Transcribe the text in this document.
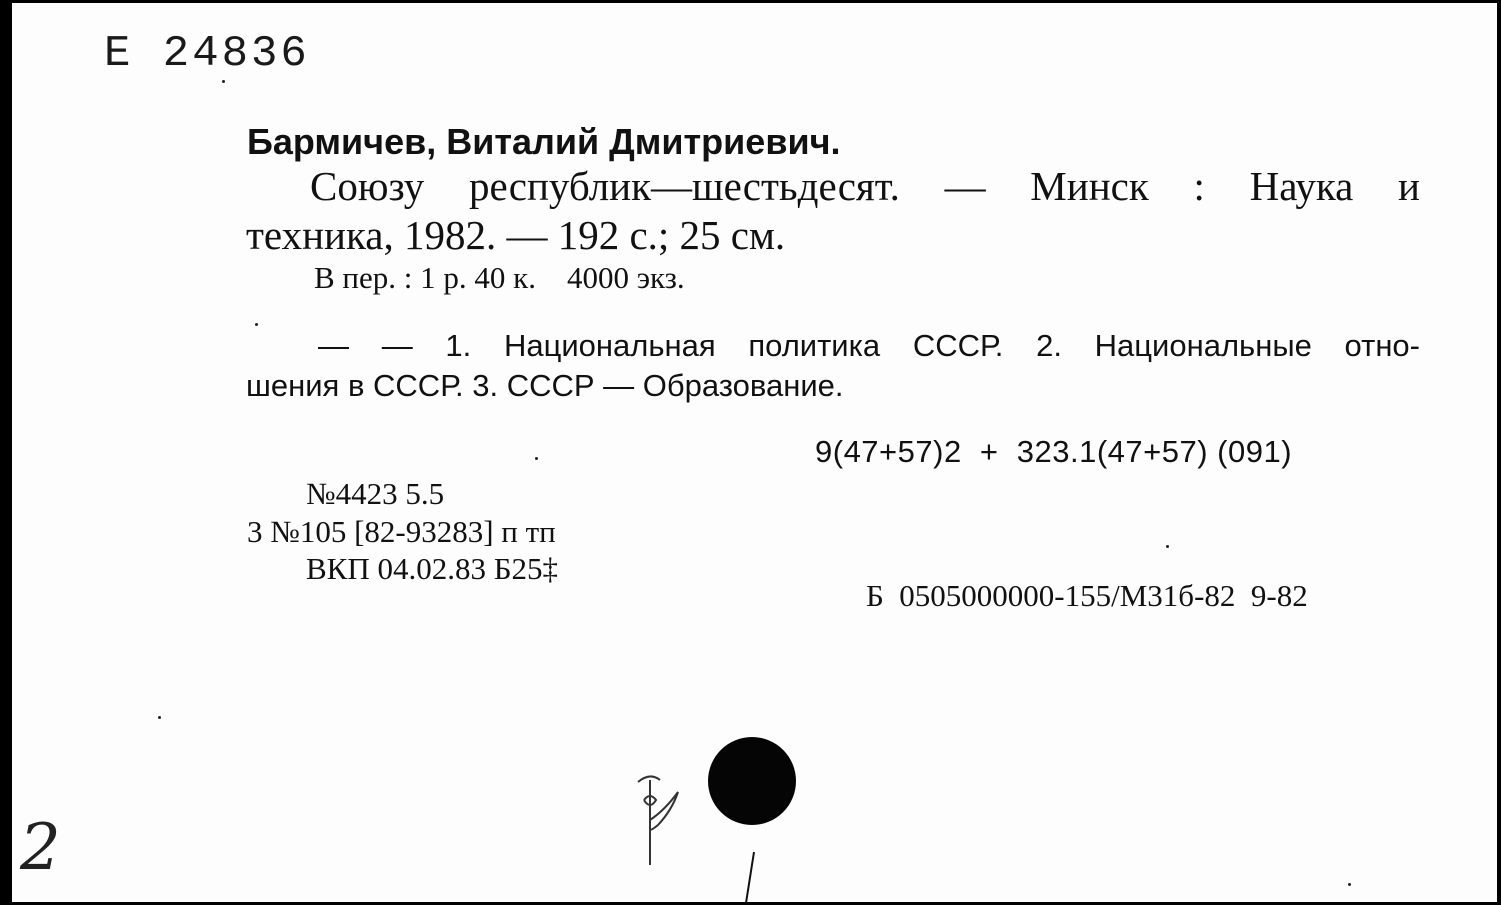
Е 24836
Бармичев, Виталий Дмитриевич.
Союзу республик—шестьдесят. — Минск : Наука и
техника, 1982. — 192 с.; 25 см.
В пер. : 1 р. 40 к.    4000 экз.
— — 1. Национальная политика СССР. 2. Национальные отно-
шения в СССР. 3. СССР — Образование.
9(47+57)2  +  323.1(47+57) (091)
№4423 5.5
3 №105 [82-93283] п тп
ВКП 04.02.83 Б25‡
Б  0505000000-155/М31б-82  9-82
2
